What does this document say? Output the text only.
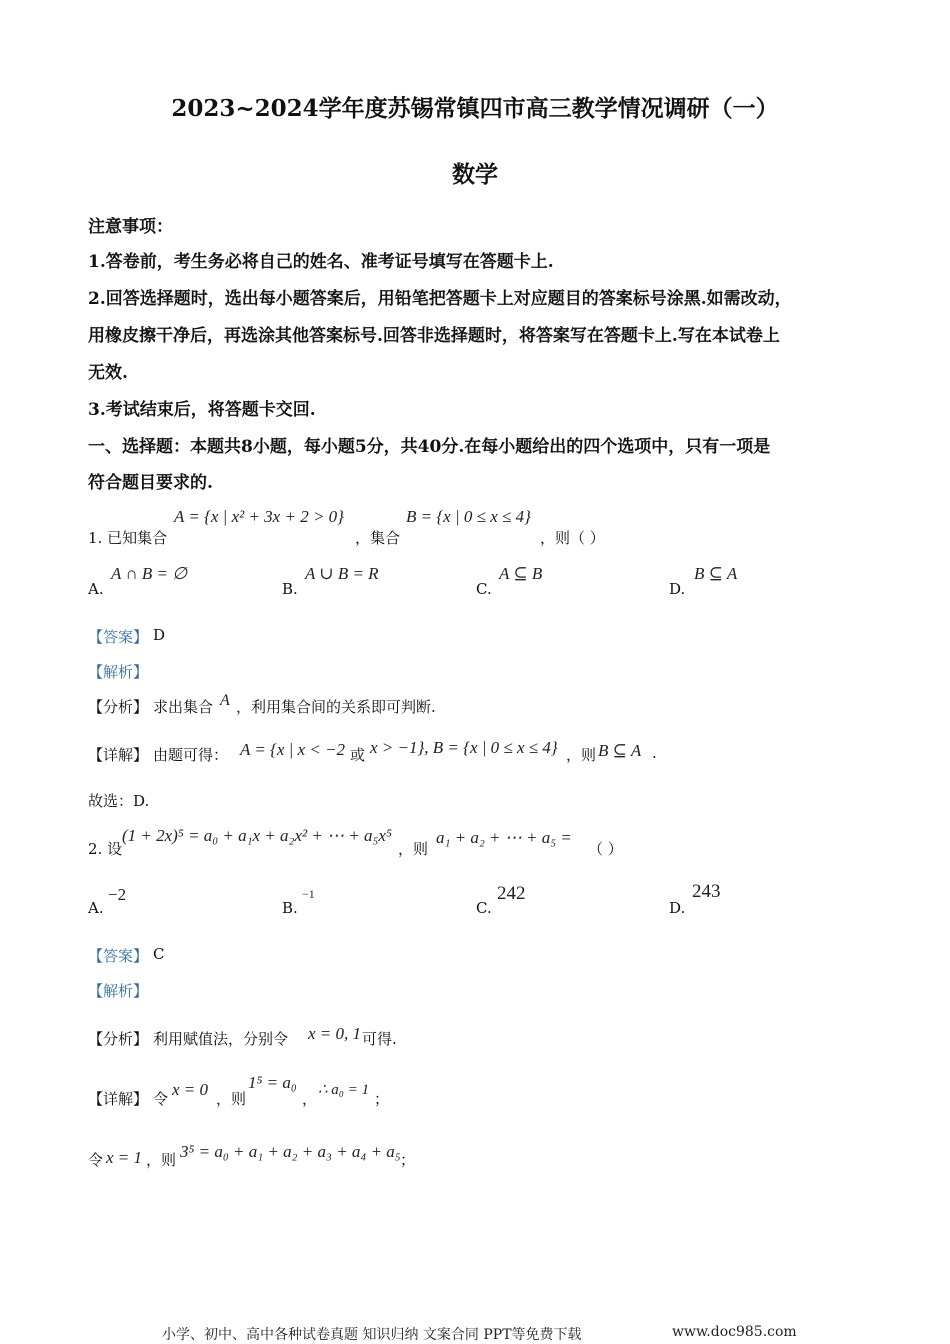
2023~2024学年度苏锡常镇四市高三教学情况调研（一）
数学
注意事项：
1.答卷前，考生务必将自己的姓名、准考证号填写在答题卡上.
2.回答选择题时，选出每小题答案后，用铅笔把答题卡上对应题目的答案标号涂黑.如需改动，
用橡皮擦干净后，再选涂其他答案标号.回答非选择题时，将答案写在答题卡上.写在本试卷上
无效.
3.考试结束后，将答题卡交回.
一、选择题：本题共8小题，每小题5分，共40分.在每小题给出的四个选项中，只有一项是
符合题目要求的.
1. 已知集合
A = {x | x² + 3x + 2 > 0}
，集合
B = {x | 0 ≤ x ≤ 4}
，则（ ）
A.
A ∩ B = ∅
B.
A ∪ B = R
C.
A ⊆ B
D.
B ⊆ A
【答案】 D
【解析】
【分析】 求出集合 A ，利用集合间的关系即可判断.
【详解】 由题可得： A = {x | x < −2 或 x > −1}, B = {x | 0 ≤ x ≤ 4} ，则 B ⊆ A .
故选：D.
2. 设
(1 + 2x)⁵ = a₀ + a₁x + a₂x² + ⋯ + a₅x⁵
，则
a₁ + a₂ + ⋯ + a₅ =
（ ）
A.
−2
B.
−1
C.
242
D.
243
【答案】 C
【解析】
【分析】 利用赋值法，分别令 x = 0, 1 可得.
【详解】 令 x = 0 ，则
1⁵ = a₀
， ∴ a₀ = 1 ；
令 x = 1 ，则 3⁵ = a₀ + a₁ + a₂ + a₃ + a₄ + a₅ ；
小学、初中、高中各种试卷真题 知识归纳 文案合同 PPT等免费下载	www.doc985.com
